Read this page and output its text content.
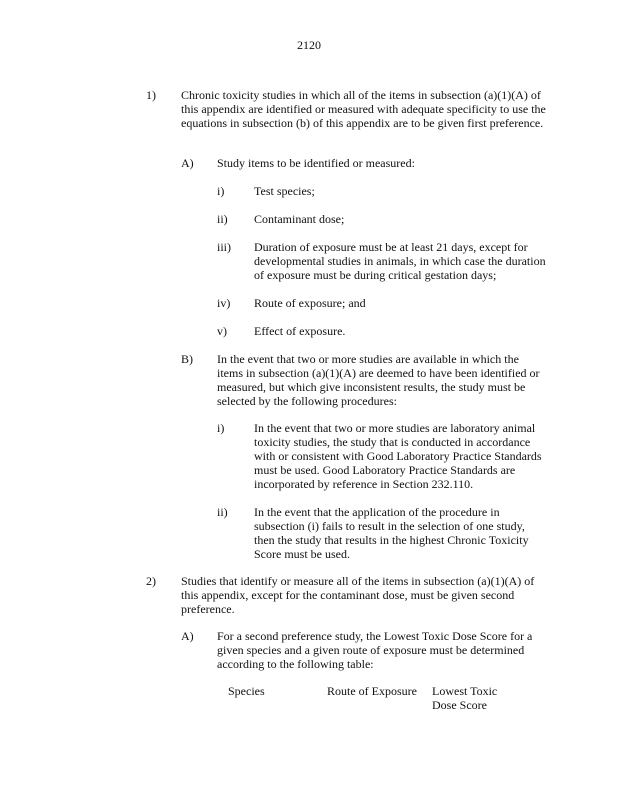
2120
1) Chronic toxicity studies in which all of the items in subsection (a)(1)(A) of this appendix are identified or measured with adequate specificity to use the equations in subsection (b) of this appendix are to be given first preference.
A) Study items to be identified or measured:
i) Test species;
ii) Contaminant dose;
iii) Duration of exposure must be at least 21 days, except for developmental studies in animals, in which case the duration of exposure must be during critical gestation days;
iv) Route of exposure; and
v) Effect of exposure.
B) In the event that two or more studies are available in which the items in subsection (a)(1)(A) are deemed to have been identified or measured, but which give inconsistent results, the study must be selected by the following procedures:
i) In the event that two or more studies are laboratory animal toxicity studies, the study that is conducted in accordance with or consistent with Good Laboratory Practice Standards must be used. Good Laboratory Practice Standards are incorporated by reference in Section 232.110.
ii) In the event that the application of the procedure in subsection (i) fails to result in the selection of one study, then the study that results in the highest Chronic Toxicity Score must be used.
2) Studies that identify or measure all of the items in subsection (a)(1)(A) of this appendix, except for the contaminant dose, must be given second preference.
A) For a second preference study, the Lowest Toxic Dose Score for a given species and a given route of exposure must be determined according to the following table:
Species	Route of Exposure Lowest Toxic Dose Score
